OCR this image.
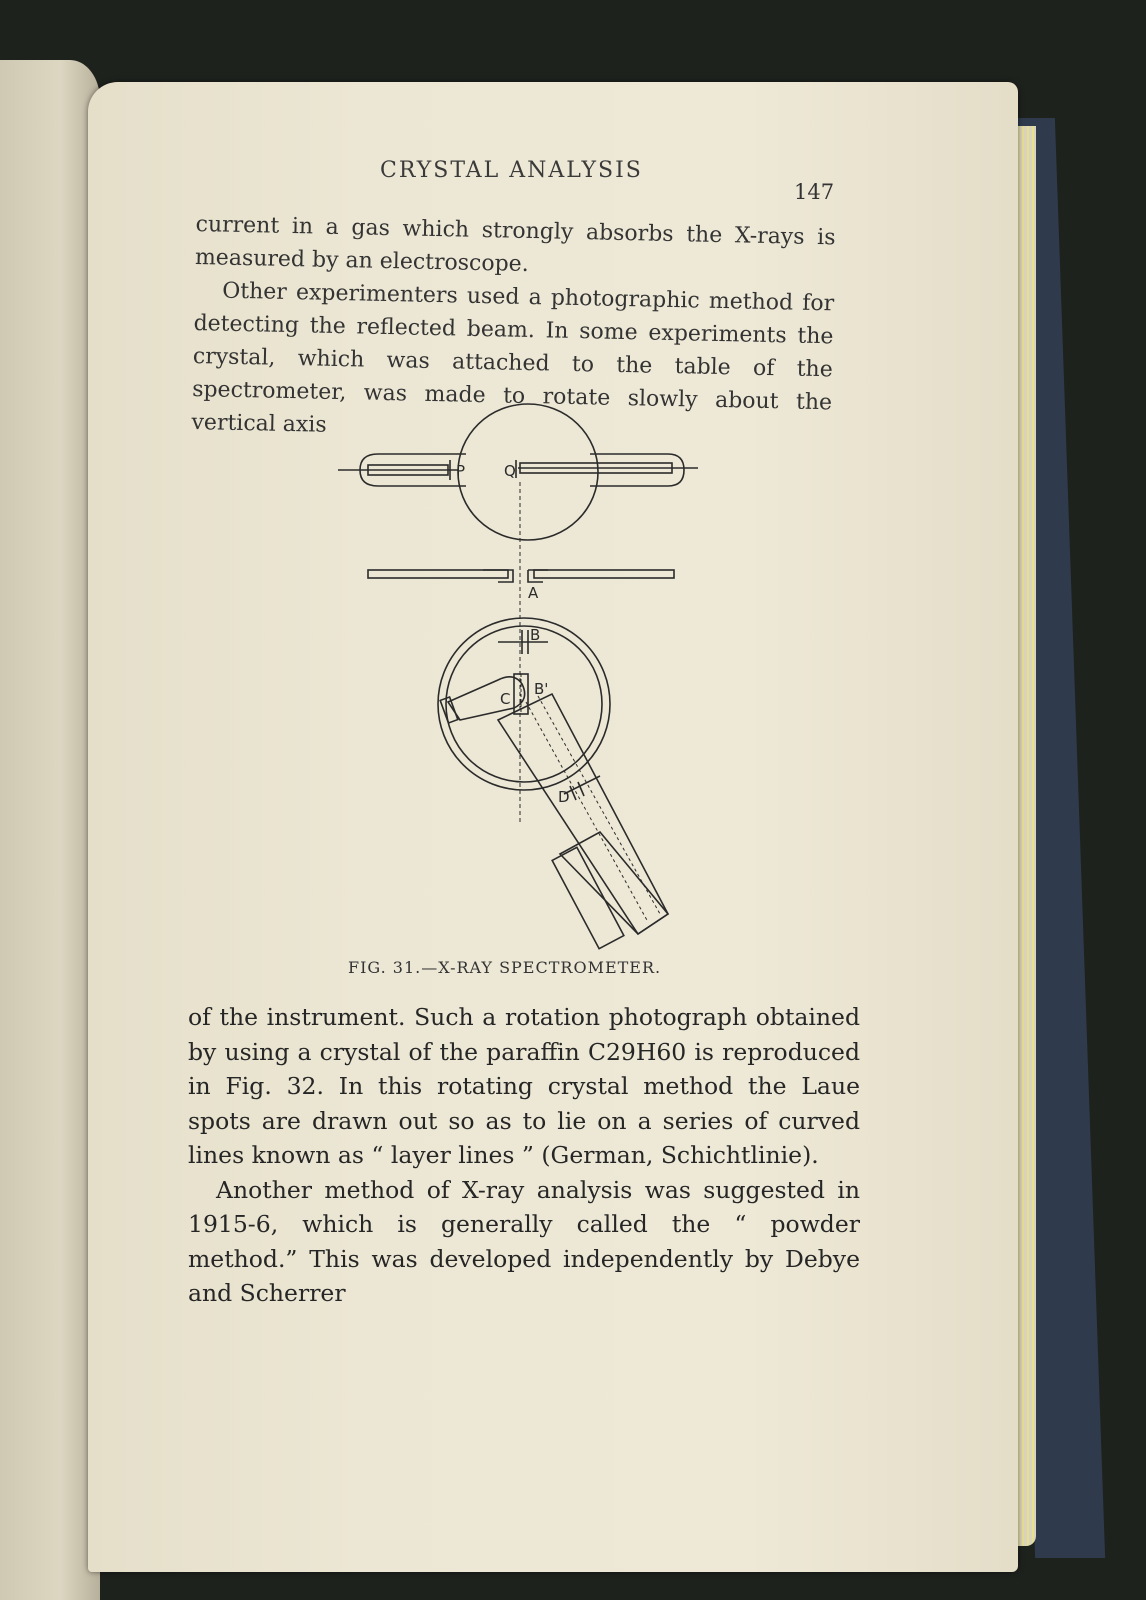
CRYSTAL ANALYSIS
147

current in a gas which strongly absorbs the X-rays is measured by an electroscope.

Other experimenters used a photographic method for detecting the reflected beam. In some experiments the crystal, which was attached to the table of the spectrometer, was made to rotate slowly about the vertical axis

P	Q
A
B
B'
C
D
FIG. 31.—X-RAY SPECTROMETER.

of the instrument. Such a rotation photograph obtained by using a crystal of the paraffin C29H60 is reproduced in Fig. 32. In this rotating crystal method the Laue spots are drawn out so as to lie on a series of curved lines known as “ layer lines ” (German, Schichtlinie).

Another method of X-ray analysis was suggested in 1915-6, which is generally called the “ powder method.” This was developed independently by Debye and Scherrer
